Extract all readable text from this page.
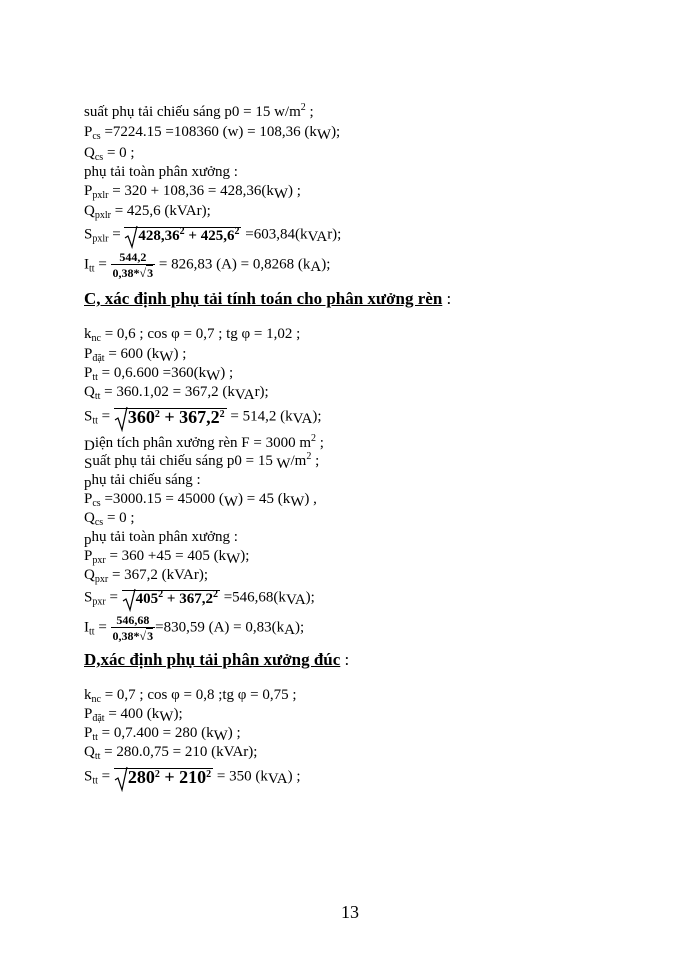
suất phụ tải chiếu sáng p0 = 15 $w/m^2$ ;
$P_{cs} =7224.15 =108360$ (w) = 108,36 (kW);
$Q_{cs} = 0$ ;
phụ tải toàn phân xưởng :
$P_{pxlr} = 320 + 108,36 = 428,36(kW)$ ;
$Q_{pxlr} = 425,6$ (kVAr);
$S_{pxlr}$ =
$428,36^2 + 425,6^2$ =603,84(kVAr);
$I_{tt} = \frac{544,2}{0,38*√3} = 826,83$ (A) = 0,8268 (kA);
C, xác định phụ tải tính toán cho phân xưởng rèn :
$k_{nc} = 0,6$ ; cos φ = 0,7 ; tg φ = 1,02 ;
$P_{đặt} = 600$ (kW) ;
$P_{tt} = 0,6.600 =360(kW)$ ;
$Q_{tt} = 360.1,02 = 367,2$ (kVAr);
$S_{tt}$ =
$360^2 + 367,2^2 = 514,2$ (kVA);
Diện tích phân xưởng rèn F = 3000 $m^2$ ;
Suất phụ tải chiếu sáng p0 = 15 $W/m^2$ ;
phụ tải chiếu sáng :
$P_{cs} =3000.15 = 45000$ (W) = 45 (kW) ,
$Q_{cs} = 0$ ;
phụ tải toàn phân xưởng :
$P_{pxr} = 360 +45 = 405$ (kW);
$Q_{pxr} = 367,2$ (kVAr);
$S_{pxr}$ =
$405^2 + 367,2^2 =546,68(kVA)$;
$I_{tt} = \frac{546,68}{0,38*√3} =830,59$ (A) = 0,83(kA);
D,xác định phụ tải phân xưởng đúc :
$k_{nc} = 0,7$ ; cos φ = 0,8 ;tg φ = 0,75 ;
$P_{đặt} = 400$ (kW);
$P_{tt} = 0,7.400 = 280$ (kW) ;
$Q_{tt} = 280.0,75 = 210$ (kVAr);
$S_{tt}$ =
$280^2 + 210^2 = 350$ (kVA) ;
13
